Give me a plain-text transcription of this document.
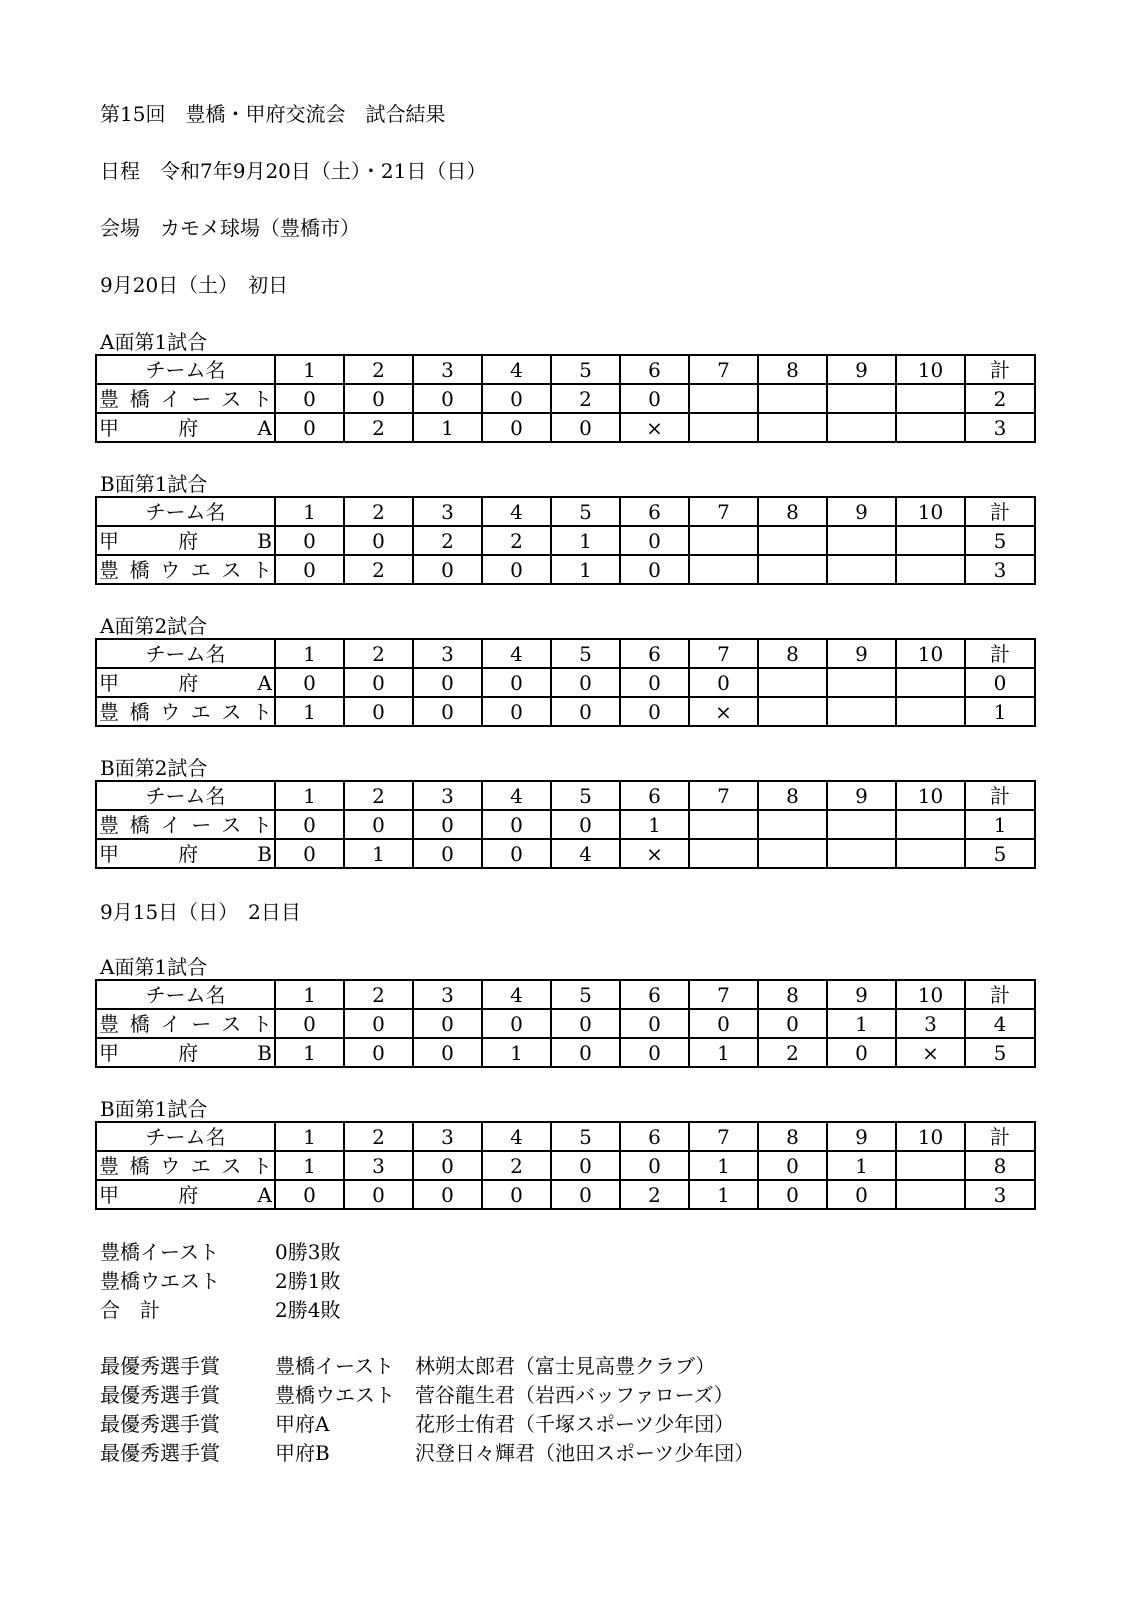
第15回　豊橋・甲府交流会　試合結果
日程　令和7年9月20日（土）・21日（日）
会場　カモメ球場（豊橋市）
9月20日（土）　初日
A面第1試合
チーム名	1	2	3	4	5	6	7	8	9	10	計
豊橋イースト	0	0	0	0	2	0					2
甲府A	0	2	1	0	0	×					3
B面第1試合
チーム名	1	2	3	4	5	6	7	8	9	10	計
甲府B	0	0	2	2	1	0					5
豊橋ウエスト	0	2	0	0	1	0					3
A面第2試合
チーム名	1	2	3	4	5	6	7	8	9	10	計
甲府A	0	0	0	0	0	0	0				0
豊橋ウエスト	1	0	0	0	0	0	×				1
B面第2試合
チーム名	1	2	3	4	5	6	7	8	9	10	計
豊橋イースト	0	0	0	0	0	1					1
甲府B	0	1	0	0	4	×					5
A面第1試合
チーム名	1	2	3	4	5	6	7	8	9	10	計
豊橋イースト	0	0	0	0	0	0	0	0	1	3	4
甲府B	1	0	0	1	0	0	1	2	0	×	5
B面第1試合
チーム名	1	2	3	4	5	6	7	8	9	10	計
豊橋ウエスト	1	3	0	2	0	0	1	0	1		8
甲府A	0	0	0	0	0	2	1	0	0		3
9月15日（日）　2日目
豊橋イースト	0勝3敗
豊橋ウエスト	2勝1敗
合　計	2勝4敗
最優秀選手賞	豊橋イースト	林朔太郎君（富士見高豊クラブ）
最優秀選手賞	豊橋ウエスト	菅谷龍生君（岩西バッファローズ）
最優秀選手賞	甲府A	花形士侑君（千塚スポーツ少年団）
最優秀選手賞	甲府B	沢登日々輝君（池田スポーツ少年団）
